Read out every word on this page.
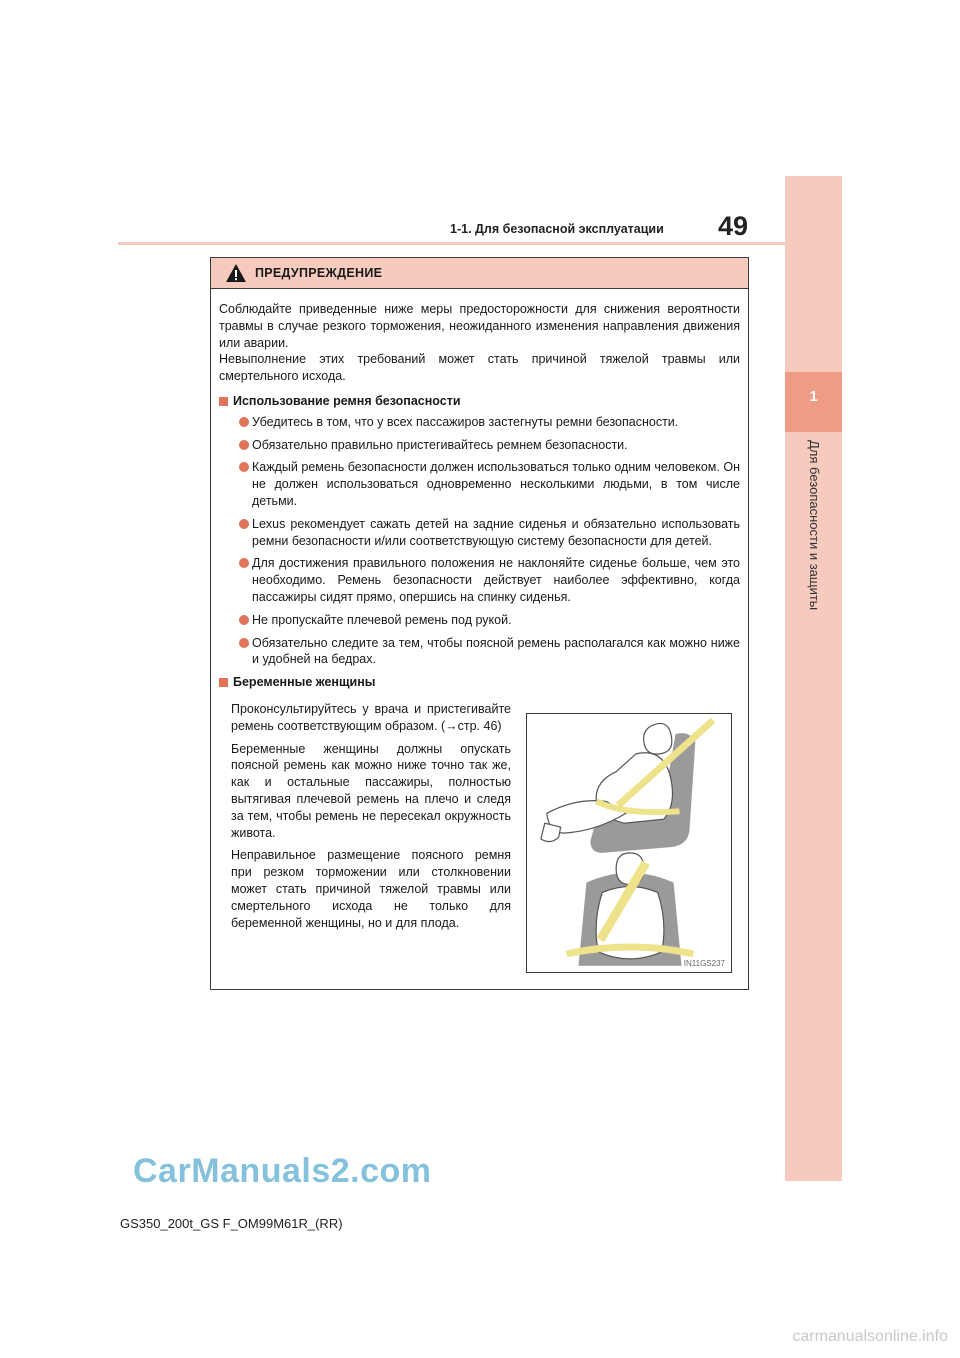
1
Для безопасности и защиты
1-1. Для безопасной эксплуатации 49
ПРЕДУПРЕЖДЕНИЕ

Соблюдайте приведенные ниже меры предосторожности для снижения вероятности травмы в случае резкого торможения, неожиданного изменения направления движения или аварии.

Невыполнение этих требований может стать причиной тяжелой травмы или смертельного исхода.

Использование ремня безопасности

Убедитесь в том, что у всех пассажиров застегнуты ремни безопасности.

Обязательно правильно пристегивайтесь ремнем безопасности.

Каждый ремень безопасности должен использоваться только одним человеком. Он не должен использоваться одновременно несколькими людьми, в том числе детьми.

Lexus рекомендует сажать детей на задние сиденья и обязательно использовать ремни безопасности и/или соответствующую систему безопасности для детей.

Для достижения правильного положения не наклоняйте сиденье больше, чем это необходимо. Ремень безопасности действует наиболее эффективно, когда пассажиры сидят прямо, опершись на спинку сиденья.

Не пропускайте плечевой ремень под рукой.

Обязательно следите за тем, чтобы поясной ремень располагался как можно ниже и удобней на бедрах.

Беременные женщины

Проконсультируйтесь у врача и пристегивайте ремень соответствующим образом. (→стр. 46)

Беременные женщины должны опускать поясной ремень как можно ниже точно так же, как и остальные пассажиры, полностью вытягивая плечевой ремень на плечо и следя за тем, чтобы ремень не пересекал окружность живота.

Неправильное размещение поясного ремня при резком торможении или столкновении может стать причиной тяжелой травмы или смертельного исхода не только для беременной женщины, но и для плода.

IN11GS237
CarManuals2.com
GS350_200t_GS F_OM99M61R_(RR)
carmanualsonline.info
